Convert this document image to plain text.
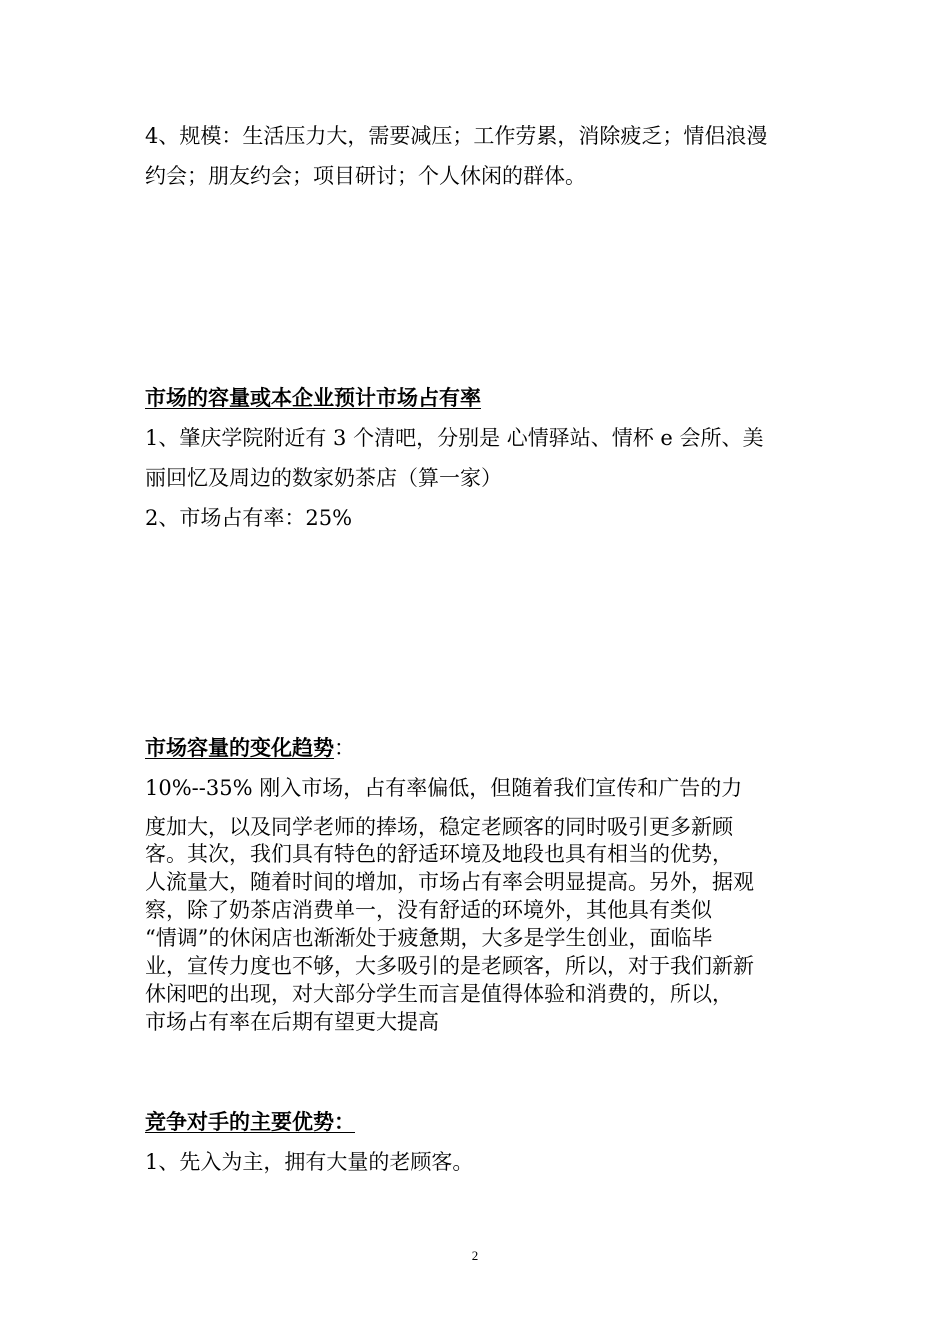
4、规模：生活压力大，需要减压；工作劳累，消除疲乏；情侣浪漫
约会；朋友约会；项目研讨；个人休闲的群体。
市场的容量或本企业预计市场占有率
1、肇庆学院附近有 3 个清吧，分别是 心情驿站、情杯 e 会所、美
丽回忆及周边的数家奶茶店（算一家）
2、市场占有率：25%
市场容量的变化趋势：
10%--35% 刚入市场，占有率偏低，但随着我们宣传和广告的力
度加大，以及同学老师的捧场，稳定老顾客的同时吸引更多新顾
客。其次，我们具有特色的舒适环境及地段也具有相当的优势，
人流量大，随着时间的增加，市场占有率会明显提高。另外，据观
察，除了奶茶店消费单一，没有舒适的环境外，其他具有类似
“情调”的休闲店也渐渐处于疲惫期，大多是学生创业，面临毕
业，宣传力度也不够，大多吸引的是老顾客，所以，对于我们新新
休闲吧的出现，对大部分学生而言是值得体验和消费的，所以，
市场占有率在后期有望更大提高
竞争对手的主要优势：
1、先入为主，拥有大量的老顾客。
2
